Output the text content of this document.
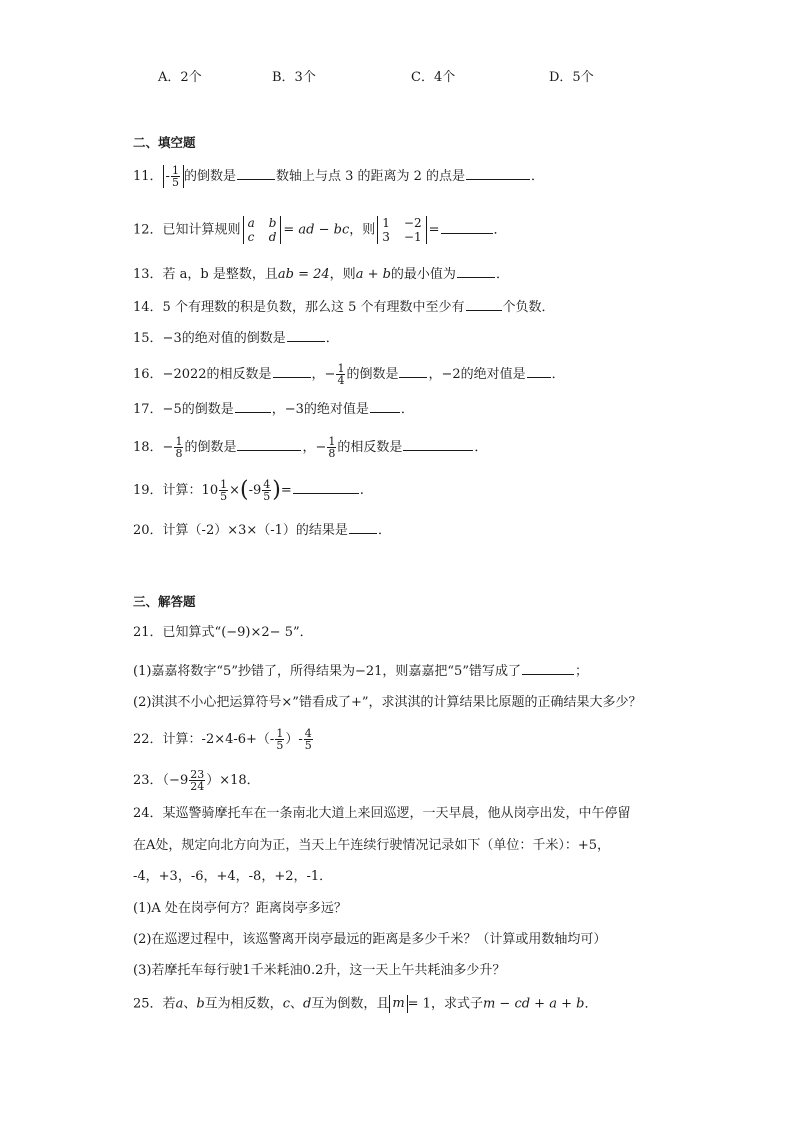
A．2个	B．3个	C．4个	D．5个
二、填空题
11． - $\frac{1}{5}$ 的倒数是	数轴上与点 3 的距离为 2 的点是	．
12．已知计算规则 a b
c d = ad − bc，则 1 −2
3 −1 =	．
13．若 a，b 是整数，且ab = 24，则a + b的最小值为	．
14．5 个有理数的积是负数，那么这 5 个有理数中至少有	个负数．
15．−3的绝对值的倒数是	．
16．−2022的相反数是	，− $\frac{1}{4}$ 的倒数是 ，−2的绝对值是 ．
17．−5的倒数是	，−3的绝对值是 ．
18．− $\frac{1}{8}$ 的倒数是	，− $\frac{1}{8}$ 的相反数是	．
19．计算：$10 \frac{1}{5} \times(-9 \frac{4}{5}$ )=	.
20．计算（-2）×3×（-1）的结果是 ．
三、解答题
21．已知算式“(−9)×2− 5”．
(1)嘉嘉将数字“5”抄错了，所得结果为−21，则嘉嘉把“5”错写成了	；
(2)淇淇不小心把运算符号×”错看成了+”，求淇淇的计算结果比原题的正确结果大多少？
22．计算：$-2\times 4-6+(- \frac{1}{5}$ ）- $\frac{4}{5}$
23．$(-9 \frac{23}{24} )\times 18$．
24．某巡警骑摩托车在一条南北大道上来回巡逻，一天早晨，他从岗亭出发，中午停留
在A处，规定向北方向为正，当天上午连续行驶情况记录如下（单位：千米）：+5，
-4，+3，-6，+4，-8，+2，-1．
(1)A 处在岗亭何方？距离岗亭多远？
(2)在巡逻过程中，该巡警离开岗亭最远的距离是多少千米？（计算或用数轴均可）
(3)若摩托车每行驶1千米耗油0.2升，这一天上午共耗油多少升？
25．若a、b互为相反数，c、d互为倒数，且 m = 1，求式子m − cd + a + b．
